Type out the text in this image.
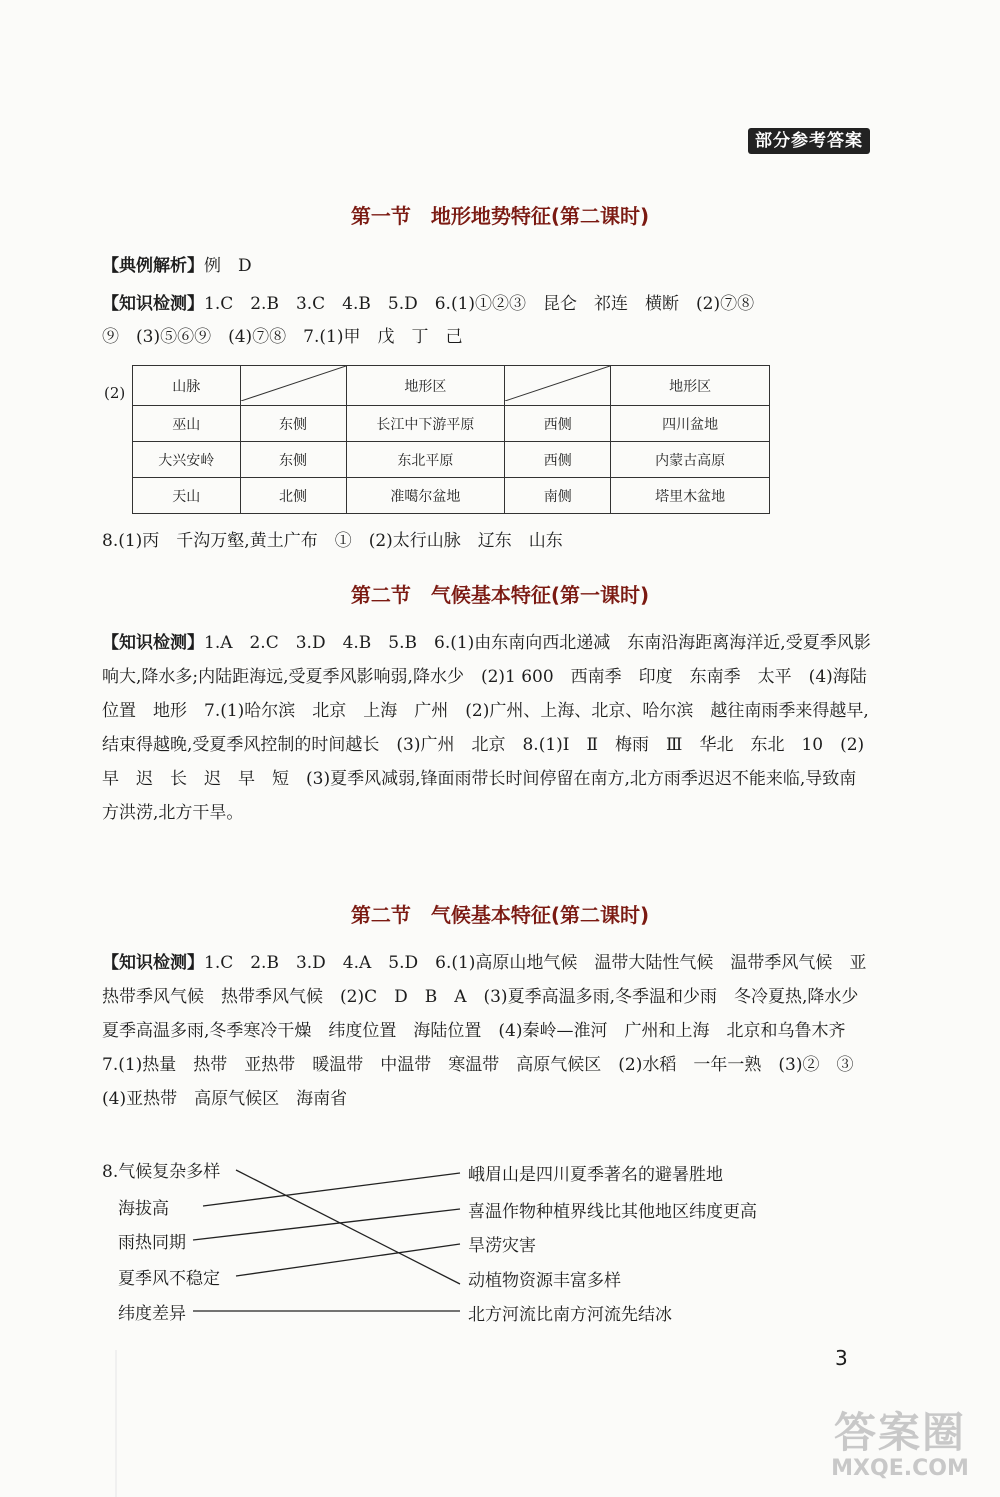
部分参考答案
第一节　地形地势特征(第二课时)
【典例解析】例　D
【知识检测】1.C　2.B　3.C　4.B　5.D　6.(1)①②③　昆仑　祁连　横断　(2)⑦⑧
⑨　(3)⑤⑥⑨　(4)⑦⑧　7.(1)甲　戊　丁　己
(2)	山脉		地形区		地形区
巫山	东侧	长江中下游平原	西侧	四川盆地
大兴安岭	东侧	东北平原	西侧	内蒙古高原
天山	北侧	准噶尔盆地	南侧	塔里木盆地
8.(1)丙　千沟万壑,黄土广布　①　(2)太行山脉　辽东　山东
第二节　气候基本特征(第一课时)
【知识检测】1.A　2.C　3.D　4.B　5.B　6.(1)由东南向西北递减　东南沿海距离海洋近,受夏季风影响大,降水多;内陆距海远,受夏季风影响弱,降水少　(2)1 600　西南季　印度　东南季　太平　(4)海陆位置　地形　7.(1)哈尔滨　北京　上海　广州　(2)广州、上海、北京、哈尔滨　越往南雨季来得越早,结束得越晚,受夏季风控制的时间越长　(3)广州　北京　8.(1)Ⅰ　Ⅱ　梅雨　Ⅲ　华北　东北　10　(2)早　迟　长　迟　早　短　(3)夏季风减弱,锋面雨带长时间停留在南方,北方雨季迟迟不能来临,导致南方洪涝,北方干旱。
第二节　气候基本特征(第二课时)
【知识检测】1.C　2.B　3.D　4.A　5.D　6.(1)高原山地气候　温带大陆性气候　温带季风气候　亚热带季风气候　热带季风气候　(2)C　D　B　A　(3)夏季高温多雨,冬季温和少雨　冬冷夏热,降水少　夏季高温多雨,冬季寒冷干燥　纬度位置　海陆位置　(4)秦岭—淮河　广州和上海　北京和乌鲁木齐　7.(1)热量　热带　亚热带　暖温带　中温带　寒温带　高原气候区　(2)水稻　一年一熟　(3)②　③　(4)亚热带　高原气候区　海南省
8.气候复杂多样
海拔高
雨热同期
夏季风不稳定
纬度差异
峨眉山是四川夏季著名的避暑胜地
喜温作物种植界线比其他地区纬度更高
旱涝灾害
动植物资源丰富多样
北方河流比南方河流先结冰
3
答案圈
MXQE.COM
